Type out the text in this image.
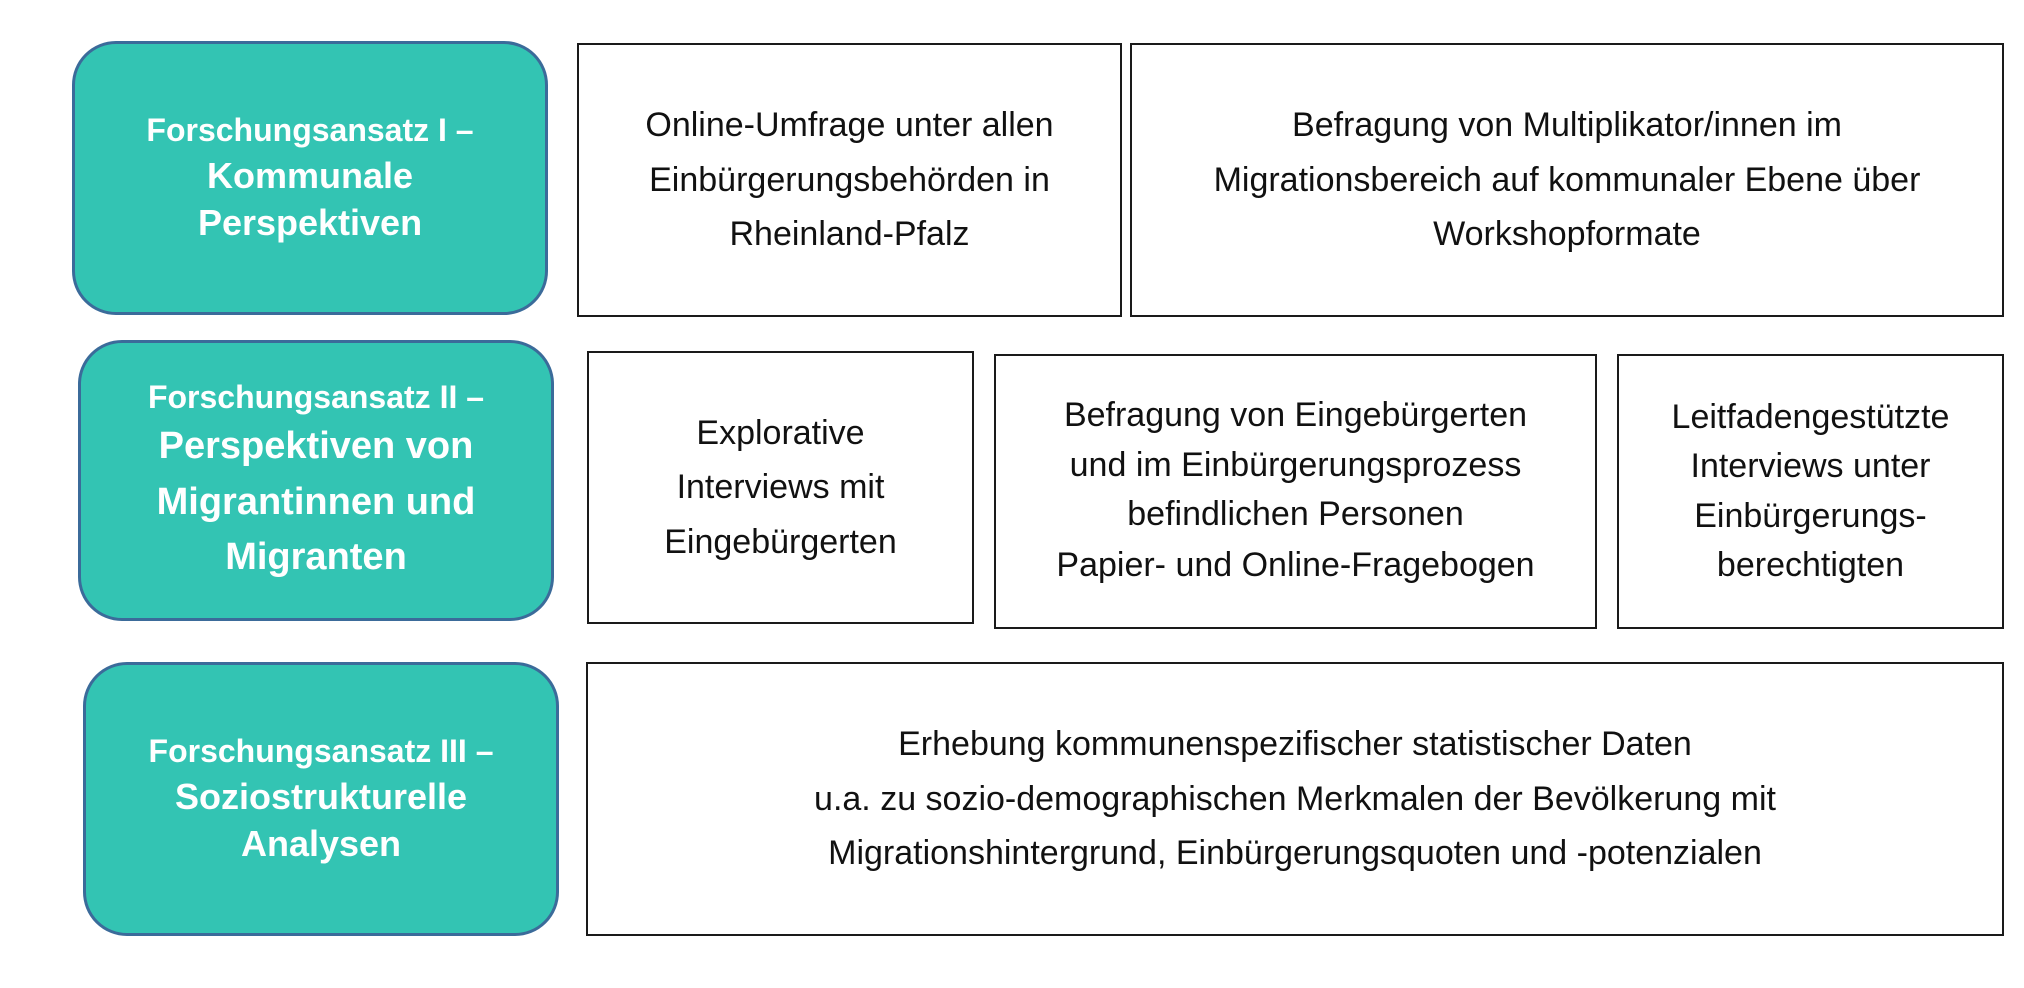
Forschungsansatz I –
Kommunale
Perspektiven
Online-Umfrage unter allen
Einbürgerungsbehörden in
Rheinland-Pfalz
Befragung von Multiplikator/innen im
Migrationsbereich auf kommunaler Ebene über
Workshopformate
Forschungsansatz II –
Perspektiven von
Migrantinnen und
Migranten
Explorative
Interviews mit
Eingebürgerten
Befragung von Eingebürgerten
und im Einbürgerungsprozess
befindlichen Personen
Papier- und Online-Fragebogen
Leitfadengestützte
Interviews unter
Einbürgerungs-
berechtigten
Forschungsansatz III –
Soziostrukturelle
Analysen
Erhebung kommunenspezifischer statistischer Daten
u.a. zu sozio-demographischen Merkmalen der Bevölkerung mit
Migrationshintergrund, Einbürgerungsquoten und -potenzialen
